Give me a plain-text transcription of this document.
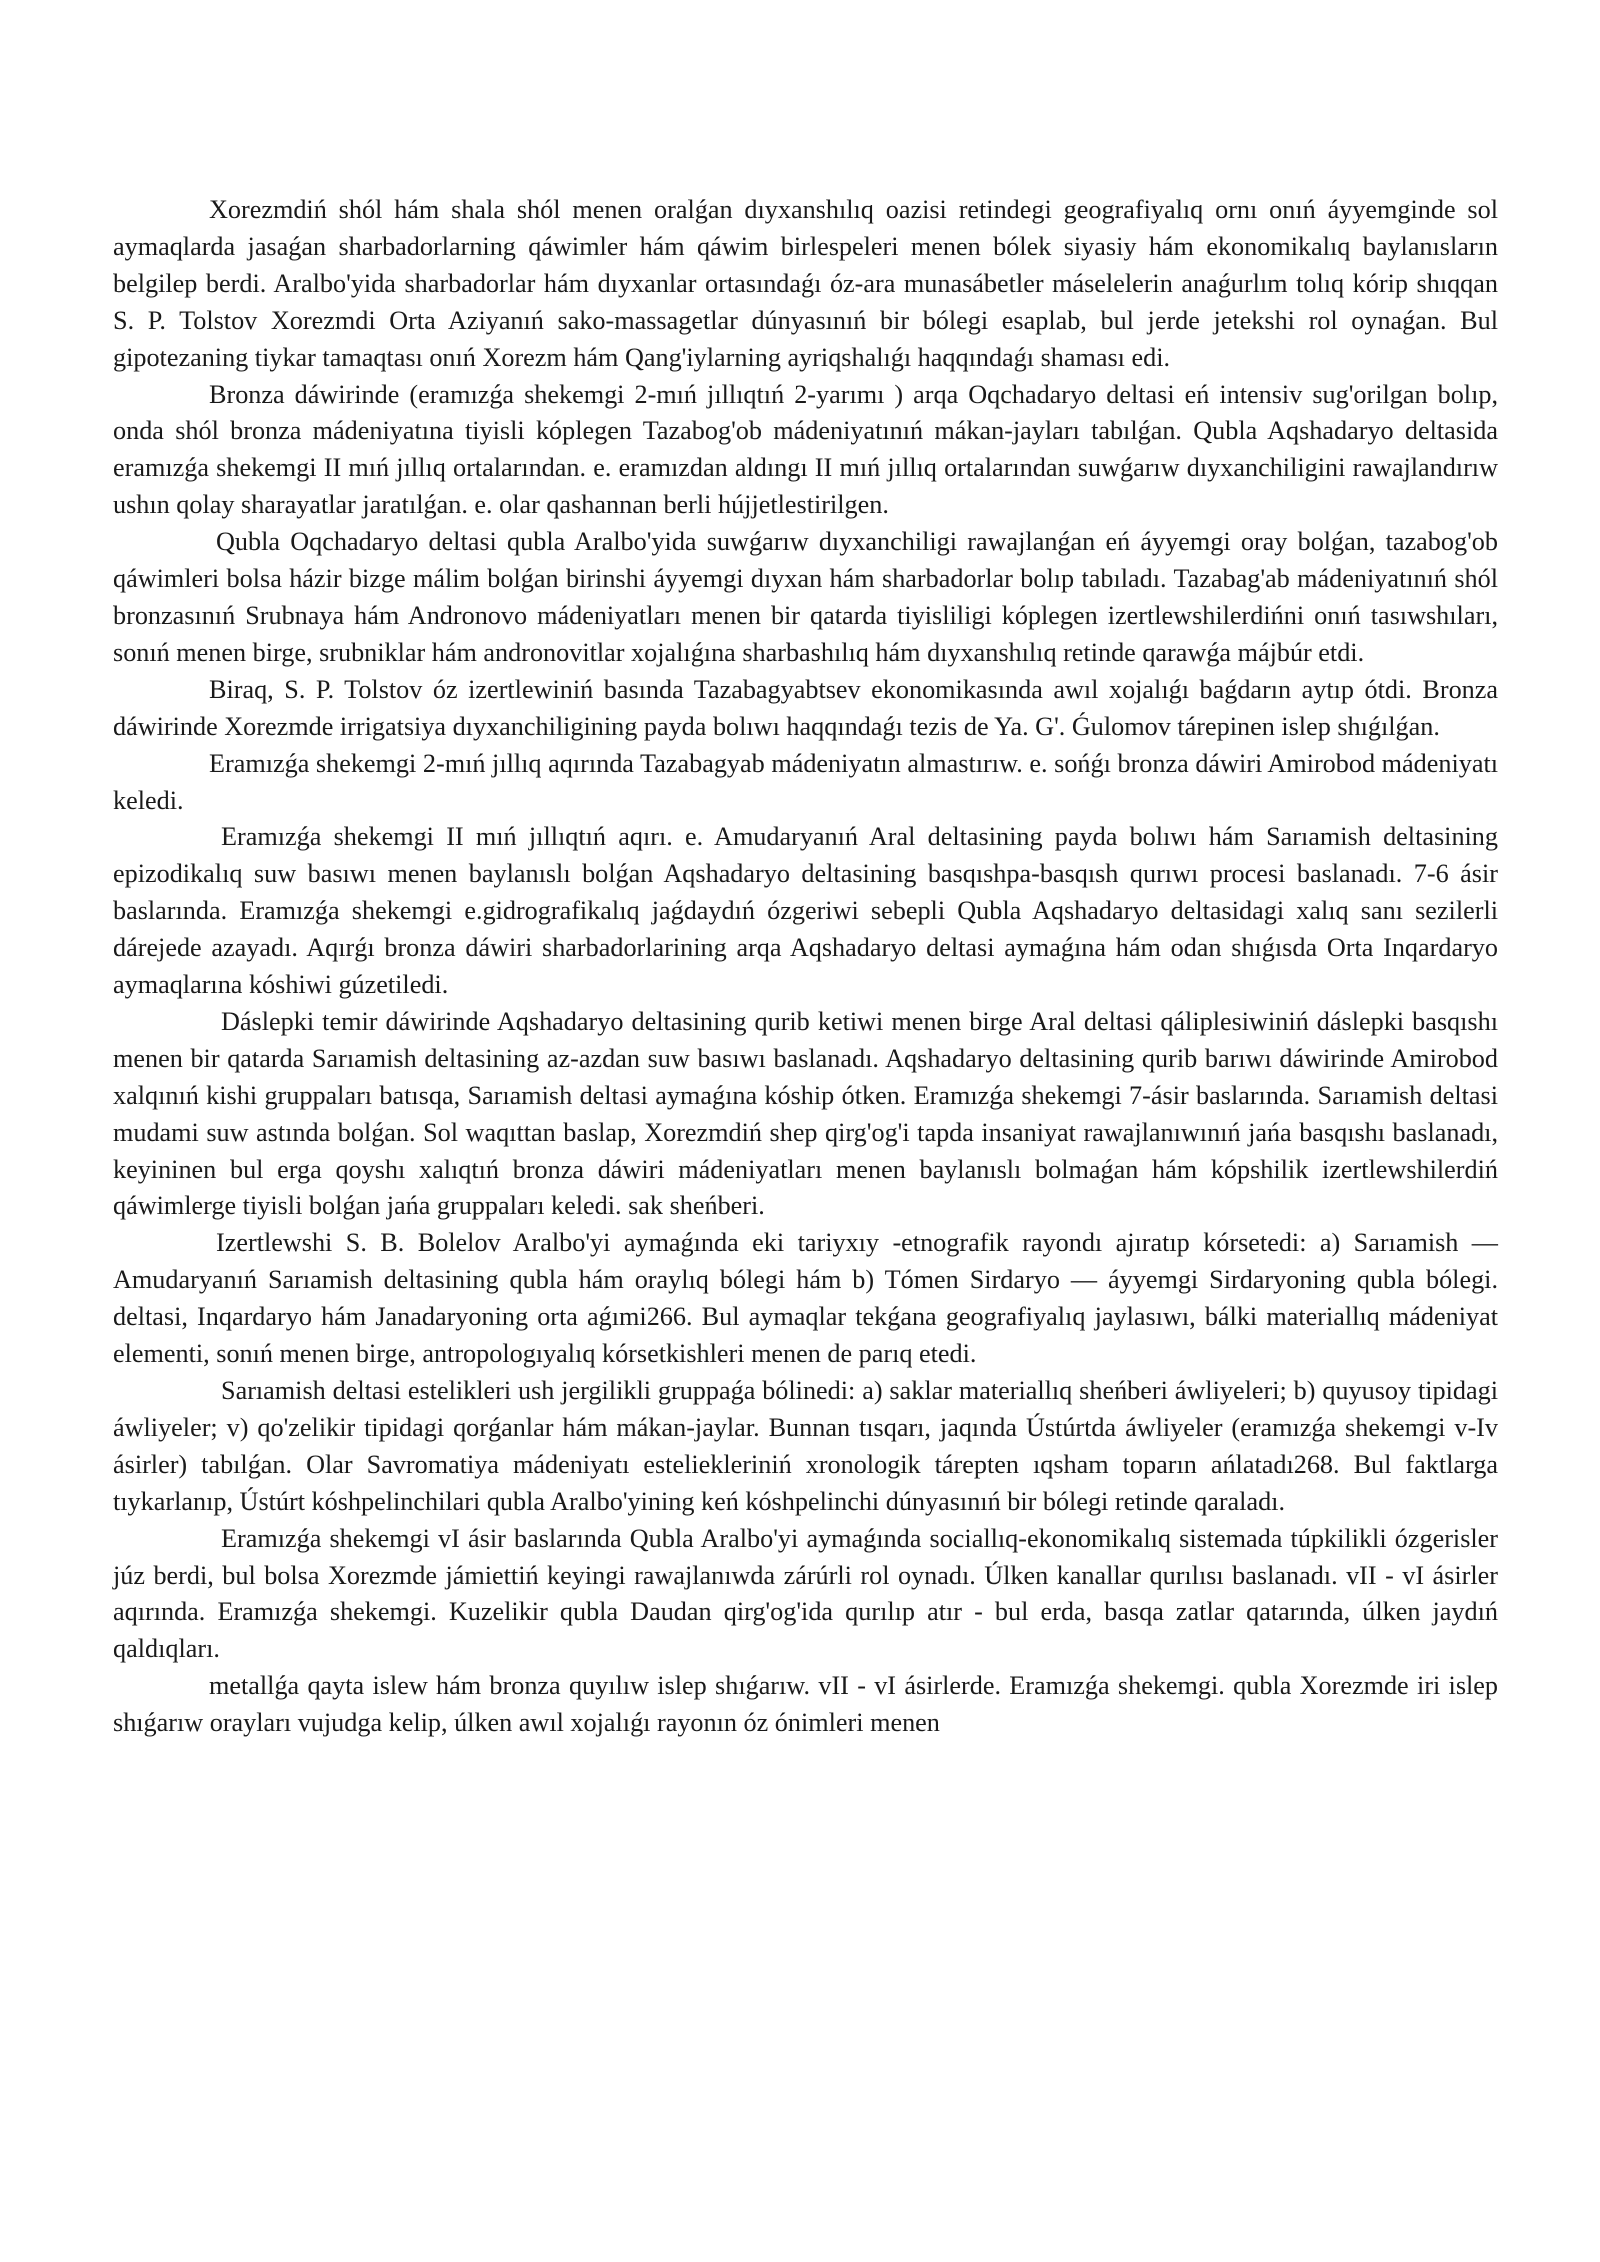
Xorezmdiń shól hám shala shól menen oralǵan dıyxanshılıq oazisi retindegi geografiyalıq ornı onıń áyyemginde sol aymaqlarda jasaǵan sharbadorlarning qáwimler hám qáwim birlespeleri menen bólek siyasiy hám ekonomikalıq baylanısların belgilep berdi. Aralbo'yida sharbadorlar hám dıyxanlar ortasındaǵı óz-ara munasábetler máselelerin anaǵurlım tolıq kórip shıqqan S. P. Tolstov Xorezmdi Orta Aziyanıń sako-massagetlar dúnyasınıń bir bólegi esaplab, bul jerde jetekshi rol oynaǵan. Bul gipotezaning tiykar tamaqtası onıń Xorezm hám Qang'iylarning ayriqshalıǵı haqqındaǵı shaması edi.

Bronza dáwirinde (eramızǵa shekemgi 2-mıń jıllıqtıń 2-yarımı ) arqa Oqchadaryo deltasi eń intensiv sug'orilgan bolıp, onda shól bronza mádeniyatına tiyisli kóplegen Tazabog'ob mádeniyatınıń mákan-jayları tabılǵan. Qubla Aqshadaryo deltasida eramızǵa shekemgi II mıń jıllıq ortalarından. e. eramızdan aldıngı II mıń jıllıq ortalarından suwǵarıw dıyxanchiligini rawajlandırıw ushın qolay sharayatlar jaratılǵan. e. olar qashannan berli hújjetlestirilgen.

Qubla Oqchadaryo deltasi qubla Aralbo'yida suwǵarıw dıyxanchiligi rawajlanǵan eń áyyemgi oray bolǵan, tazabog'ob qáwimleri bolsa házir bizge málim bolǵan birinshi áyyemgi dıyxan hám sharbadorlar bolıp tabıladı. Tazabag'ab mádeniyatınıń shól bronzasınıń Srubnaya hám Andronovo mádeniyatları menen bir qatarda tiyisliligi kóplegen izertlewshilerdińni onıń tasıwshıları, sonıń menen birge, srubniklar hám andronovitlar xojalıǵına sharbashılıq hám dıyxanshılıq retinde qarawǵa májbúr etdi.

Biraq, S. P. Tolstov óz izertlewiniń basında Tazabagyabtsev ekonomikasında awıl xojalıǵı baǵdarın aytıp ótdi. Bronza dáwirinde Xorezmde irrigatsiya dıyxanchiligining payda bolıwı haqqındaǵı tezis de Ya. G'. Ǵulomov tárepinen islep shıǵılǵan.

Eramızǵa shekemgi 2-mıń jıllıq aqırında Tazabagyab mádeniyatın almastırıw. e. sońǵı bronza dáwiri Amirobod mádeniyatı keledi.

Eramızǵa shekemgi II mıń jıllıqtıń aqırı. e. Amudaryanıń Aral deltasining payda bolıwı hám Sarıamish deltasining epizodikalıq suw basıwı menen baylanıslı bolǵan Aqshadaryo deltasining basqıshpa-basqısh qurıwı procesi baslanadı. 7-6 ásir baslarında. Eramızǵa shekemgi e.gidrografikalıq jaǵdaydıń ózgeriwi sebepli Qubla Aqshadaryo deltasidagi xalıq sanı sezilerli dárejede azayadı. Aqırǵı bronza dáwiri sharbadorlarining arqa Aqshadaryo deltasi aymaǵına hám odan shıǵısda Orta Inqardaryo aymaqlarına kóshiwi gúzetiledi.

Dáslepki temir dáwirinde Aqshadaryo deltasining qurib ketiwi menen birge Aral deltasi qáliplesiwiniń dáslepki basqıshı menen bir qatarda Sarıamish deltasining az-azdan suw basıwı baslanadı. Aqshadaryo deltasining qurib barıwı dáwirinde Amirobod xalqınıń kishi gruppaları batısqa, Sarıamish deltasi aymaǵına kóship ótken. Eramızǵa shekemgi 7-ásir baslarında. Sarıamish deltasi mudami suw astında bolǵan. Sol waqıttan baslap, Xorezmdiń shep qirg'og'i tapda insaniyat rawajlanıwınıń jańa basqıshı baslanadı, keyininen bul erga qoyshı xalıqtıń bronza dáwiri mádeniyatları menen baylanıslı bolmaǵan hám kópshilik izertlewshilerdiń qáwimlerge tiyisli bolǵan jańa gruppaları keledi. sak sheńberi.

Izertlewshi S. B. Bolelov Aralbo'yi aymaǵında eki tariyxıy -etnografik rayondı ajıratıp kórsetedi: a) Sarıamish — Amudaryanıń Sarıamish deltasining qubla hám oraylıq bólegi hám b) Tómen Sirdaryo — áyyemgi Sirdaryoning qubla bólegi. deltasi, Inqardaryo hám Janadaryoning orta aǵımi266. Bul aymaqlar tekǵana geografiyalıq jaylasıwı, bálki materiallıq mádeniyat elementi, sonıń menen birge, antropologıyalıq kórsetkishleri menen de parıq etedi.

Sarıamish deltasi estelikleri ush jergilikli gruppaǵa bólinedi: a) saklar materiallıq sheńberi áwliyeleri; b) quyusoy tipidagi áwliyeler; v) qo'zelikir tipidagi qorǵanlar hám mákan-jaylar. Bunnan tısqarı, jaqında Ústúrtda áwliyeler (eramızǵa shekemgi v-Iv ásirler) tabılǵan. Olar Savromatiya mádeniyatı esteliekleriniń xronologik tárepten ıqsham toparın ańlatadı268. Bul faktlarga tıykarlanıp, Ústúrt kóshpelinchilari qubla Aralbo'yining keń kóshpelinchi dúnyasınıń bir bólegi retinde qaraladı.

Eramızǵa shekemgi vI ásir baslarında Qubla Aralbo'yi aymaǵında sociallıq-ekonomikalıq sistemada túpkilikli ózgerisler júz berdi, bul bolsa Xorezmde jámiettiń keyingi rawajlanıwda zárúrli rol oynadı. Úlken kanallar qurılısı baslanadı. vII - vI ásirler aqırında. Eramızǵa shekemgi. Kuzelikir qubla Daudan qirg'og'ida qurılıp atır - bul erda, basqa zatlar qatarında, úlken jaydıń qaldıqları.

metallǵa qayta islew hám bronza quyılıw islep shıǵarıw. vII - vI ásirlerde. Eramızǵa shekemgi. qubla Xorezmde iri islep shıǵarıw orayları vujudga kelip, úlken awıl xojalıǵı rayonın óz ónimleri menen
